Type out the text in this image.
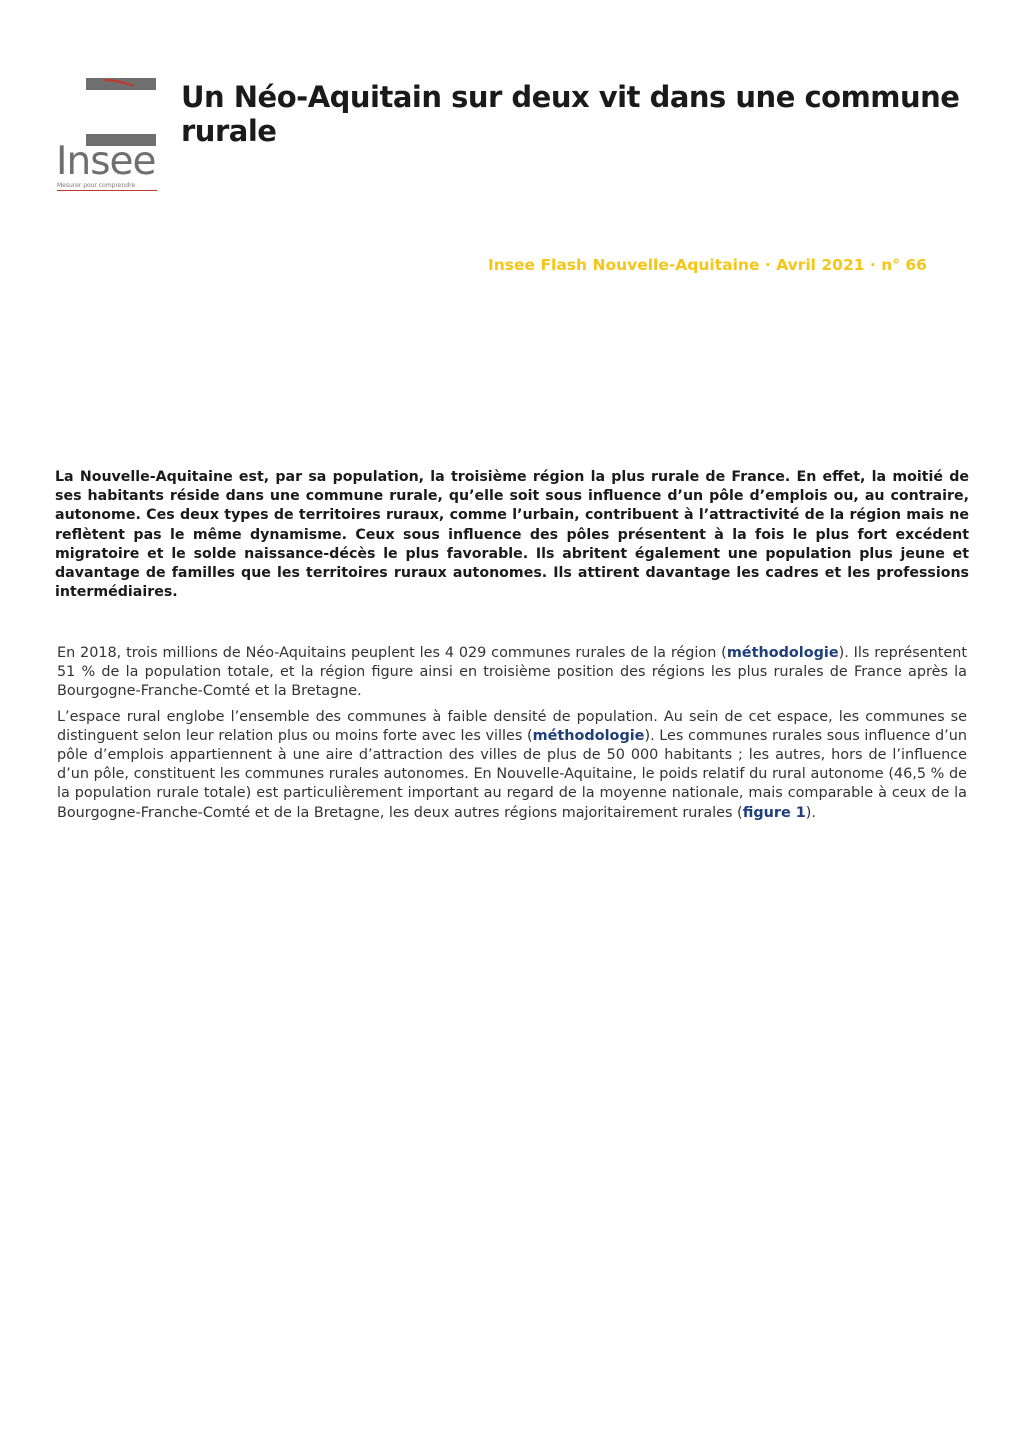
Insee
Mesurer pour comprendre
Un Néo-Aquitain sur deux vit dans une commune rurale
Insee Flash Nouvelle-Aquitaine · Avril 2021 · n° 66

La Nouvelle-Aquitaine est, par sa population, la troisième région la plus rurale de France. En effet, la moitié de ses habitants réside dans une commune rurale, qu’elle soit sous influence d’un pôle d’emplois ou, au contraire, autonome. Ces deux types de territoires ruraux, comme l’urbain, contribuent à l’attractivité de la région mais ne reflètent pas le même dynamisme. Ceux sous influence des pôles présentent à la fois le plus fort excédent migratoire et le solde naissance-décès le plus favorable. Ils abritent également une population plus jeune et davantage de familles que les territoires ruraux autonomes. Ils attirent davantage les cadres et les professions intermédiaires.

En 2018, trois millions de Néo-Aquitains peuplent les 4 029 communes rurales de la région (méthodologie). Ils représentent 51 % de la population totale, et la région figure ainsi en troisième position des régions les plus rurales de France après la Bourgogne-Franche-Comté et la Bretagne.

L’espace rural englobe l’ensemble des communes à faible densité de population. Au sein de cet espace, les communes se distinguent selon leur relation plus ou moins forte avec les villes (méthodologie). Les communes rurales sous influence d’un pôle d’emplois appartiennent à une aire d’attraction des villes de plus de 50 000 habitants ; les autres, hors de l’influence d’un pôle, constituent les communes rurales autonomes. En Nouvelle-Aquitaine, le poids relatif du rural autonome (46,5 % de la population rurale totale) est particulièrement important au regard de la moyenne nationale, mais comparable à ceux de la Bourgogne-Franche-Comté et de la Bretagne, les deux autres régions majoritairement rurales (figure 1).
